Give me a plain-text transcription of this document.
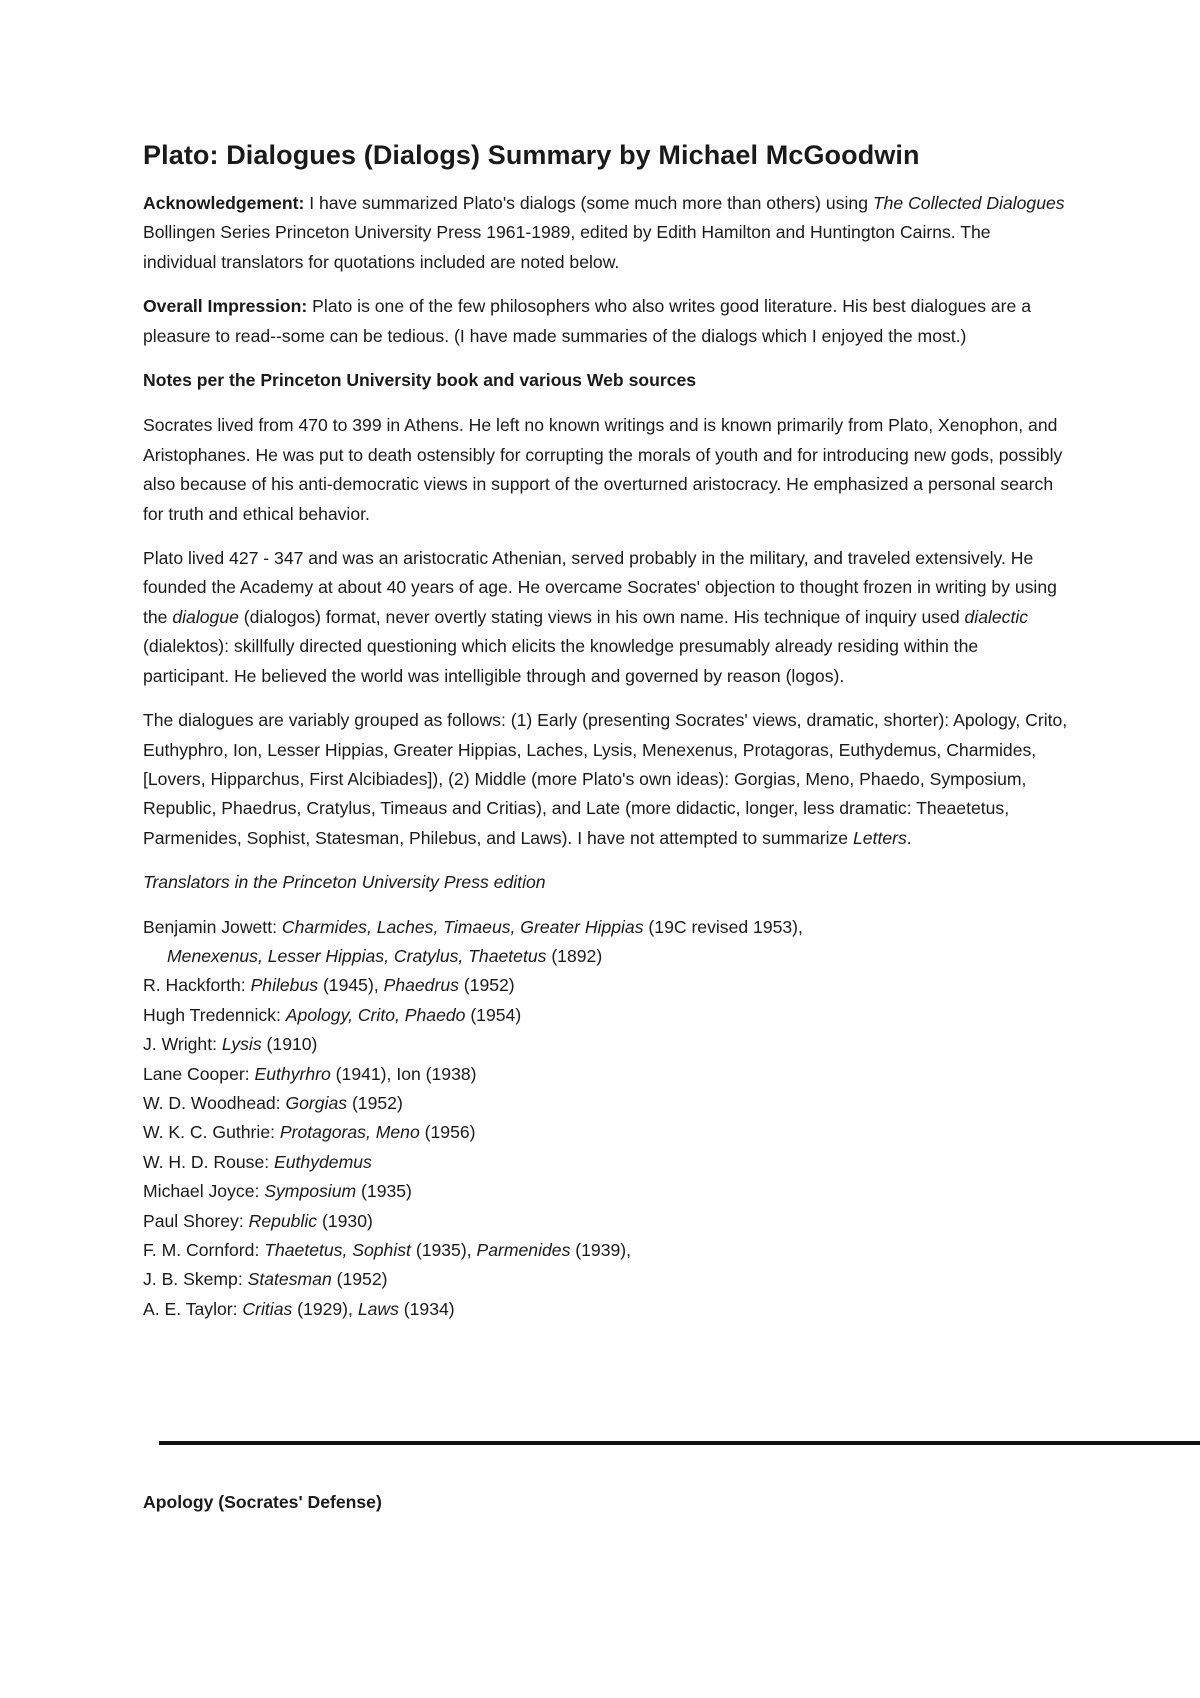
Plato: Dialogues (Dialogs) Summary by Michael McGoodwin

Acknowledgement: I have summarized Plato's dialogs (some much more than others) using The Collected Dialogues Bollingen Series Princeton University Press 1961-1989, edited by Edith Hamilton and Huntington Cairns. The individual translators for quotations included are noted below.

Overall Impression: Plato is one of the few philosophers who also writes good literature. His best dialogues are a pleasure to read--some can be tedious. (I have made summaries of the dialogs which I enjoyed the most.)

Notes per the Princeton University book and various Web sources

Socrates lived from 470 to 399 in Athens. He left no known writings and is known primarily from Plato, Xenophon, and Aristophanes. He was put to death ostensibly for corrupting the morals of youth and for introducing new gods, possibly also because of his anti-democratic views in support of the overturned aristocracy. He emphasized a personal search for truth and ethical behavior.

Plato lived 427 - 347 and was an aristocratic Athenian, served probably in the military, and traveled extensively. He founded the Academy at about 40 years of age. He overcame Socrates' objection to thought frozen in writing by using the dialogue (dialogos) format, never overtly stating views in his own name. His technique of inquiry used dialectic (dialektos): skillfully directed questioning which elicits the knowledge presumably already residing within the participant. He believed the world was intelligible through and governed by reason (logos).

The dialogues are variably grouped as follows: (1) Early (presenting Socrates' views, dramatic, shorter): Apology, Crito, Euthyphro, Ion, Lesser Hippias, Greater Hippias, Laches, Lysis, Menexenus, Protagoras, Euthydemus, Charmides, [Lovers, Hipparchus, First Alcibiades]), (2) Middle (more Plato's own ideas): Gorgias, Meno, Phaedo, Symposium, Republic, Phaedrus, Cratylus, Timeaus and Critias), and Late (more didactic, longer, less dramatic: Theaetetus, Parmenides, Sophist, Statesman, Philebus, and Laws). I have not attempted to summarize Letters.

Translators in the Princeton University Press edition
Benjamin Jowett: Charmides, Laches, Timaeus, Greater Hippias (19C revised 1953),
Menexenus, Lesser Hippias, Cratylus, Thaetetus (1892)
R. Hackforth: Philebus (1945), Phaedrus (1952)
Hugh Tredennick: Apology, Crito, Phaedo (1954)
J. Wright: Lysis (1910)
Lane Cooper: Euthyrhro (1941), Ion (1938)
W. D. Woodhead: Gorgias (1952)
W. K. C. Guthrie: Protagoras, Meno (1956)
W. H. D. Rouse: Euthydemus
Michael Joyce: Symposium (1935)
Paul Shorey: Republic (1930)
F. M. Cornford: Thaetetus, Sophist (1935), Parmenides (1939),
J. B. Skemp: Statesman (1952)
A. E. Taylor: Critias (1929), Laws (1934)
Apology (Socrates' Defense)
